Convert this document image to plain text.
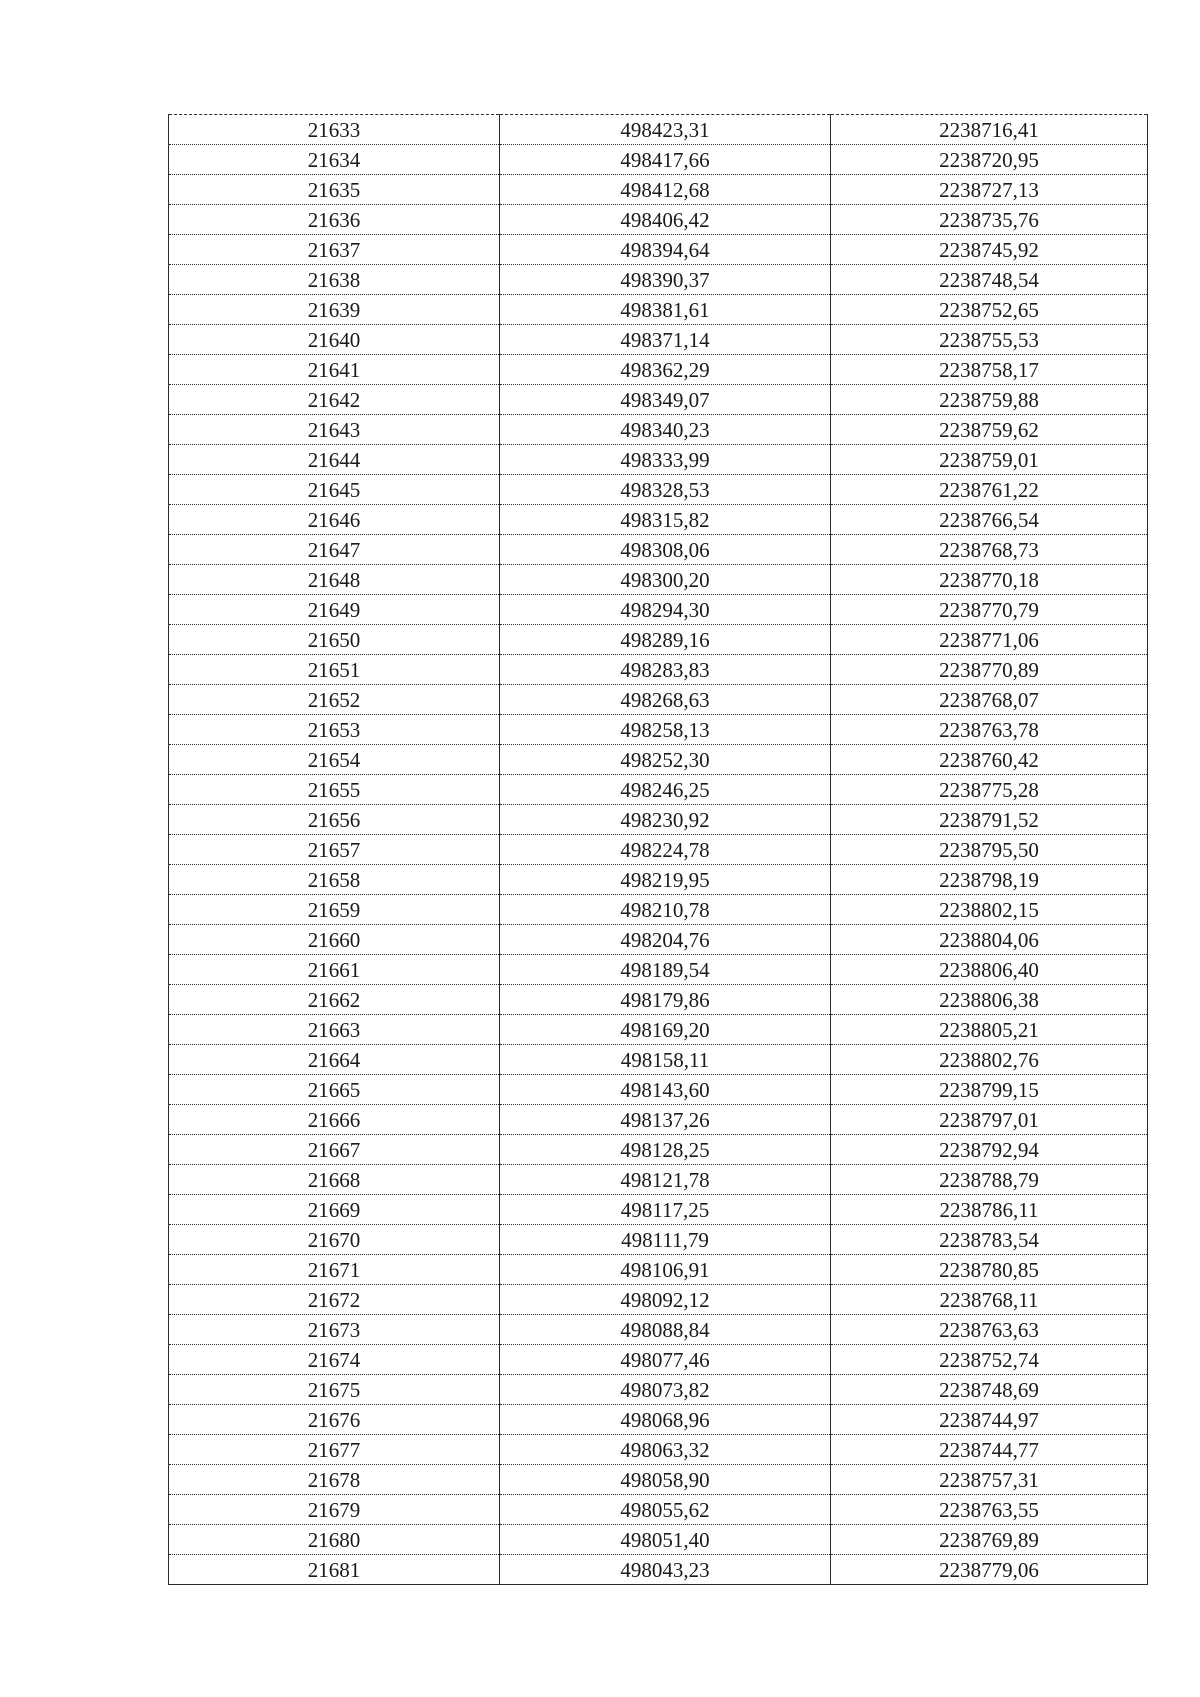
21633	498423,31	2238716,41
21634	498417,66	2238720,95
21635	498412,68	2238727,13
21636	498406,42	2238735,76
21637	498394,64	2238745,92
21638	498390,37	2238748,54
21639	498381,61	2238752,65
21640	498371,14	2238755,53
21641	498362,29	2238758,17
21642	498349,07	2238759,88
21643	498340,23	2238759,62
21644	498333,99	2238759,01
21645	498328,53	2238761,22
21646	498315,82	2238766,54
21647	498308,06	2238768,73
21648	498300,20	2238770,18
21649	498294,30	2238770,79
21650	498289,16	2238771,06
21651	498283,83	2238770,89
21652	498268,63	2238768,07
21653	498258,13	2238763,78
21654	498252,30	2238760,42
21655	498246,25	2238775,28
21656	498230,92	2238791,52
21657	498224,78	2238795,50
21658	498219,95	2238798,19
21659	498210,78	2238802,15
21660	498204,76	2238804,06
21661	498189,54	2238806,40
21662	498179,86	2238806,38
21663	498169,20	2238805,21
21664	498158,11	2238802,76
21665	498143,60	2238799,15
21666	498137,26	2238797,01
21667	498128,25	2238792,94
21668	498121,78	2238788,79
21669	498117,25	2238786,11
21670	498111,79	2238783,54
21671	498106,91	2238780,85
21672	498092,12	2238768,11
21673	498088,84	2238763,63
21674	498077,46	2238752,74
21675	498073,82	2238748,69
21676	498068,96	2238744,97
21677	498063,32	2238744,77
21678	498058,90	2238757,31
21679	498055,62	2238763,55
21680	498051,40	2238769,89
21681	498043,23	2238779,06
